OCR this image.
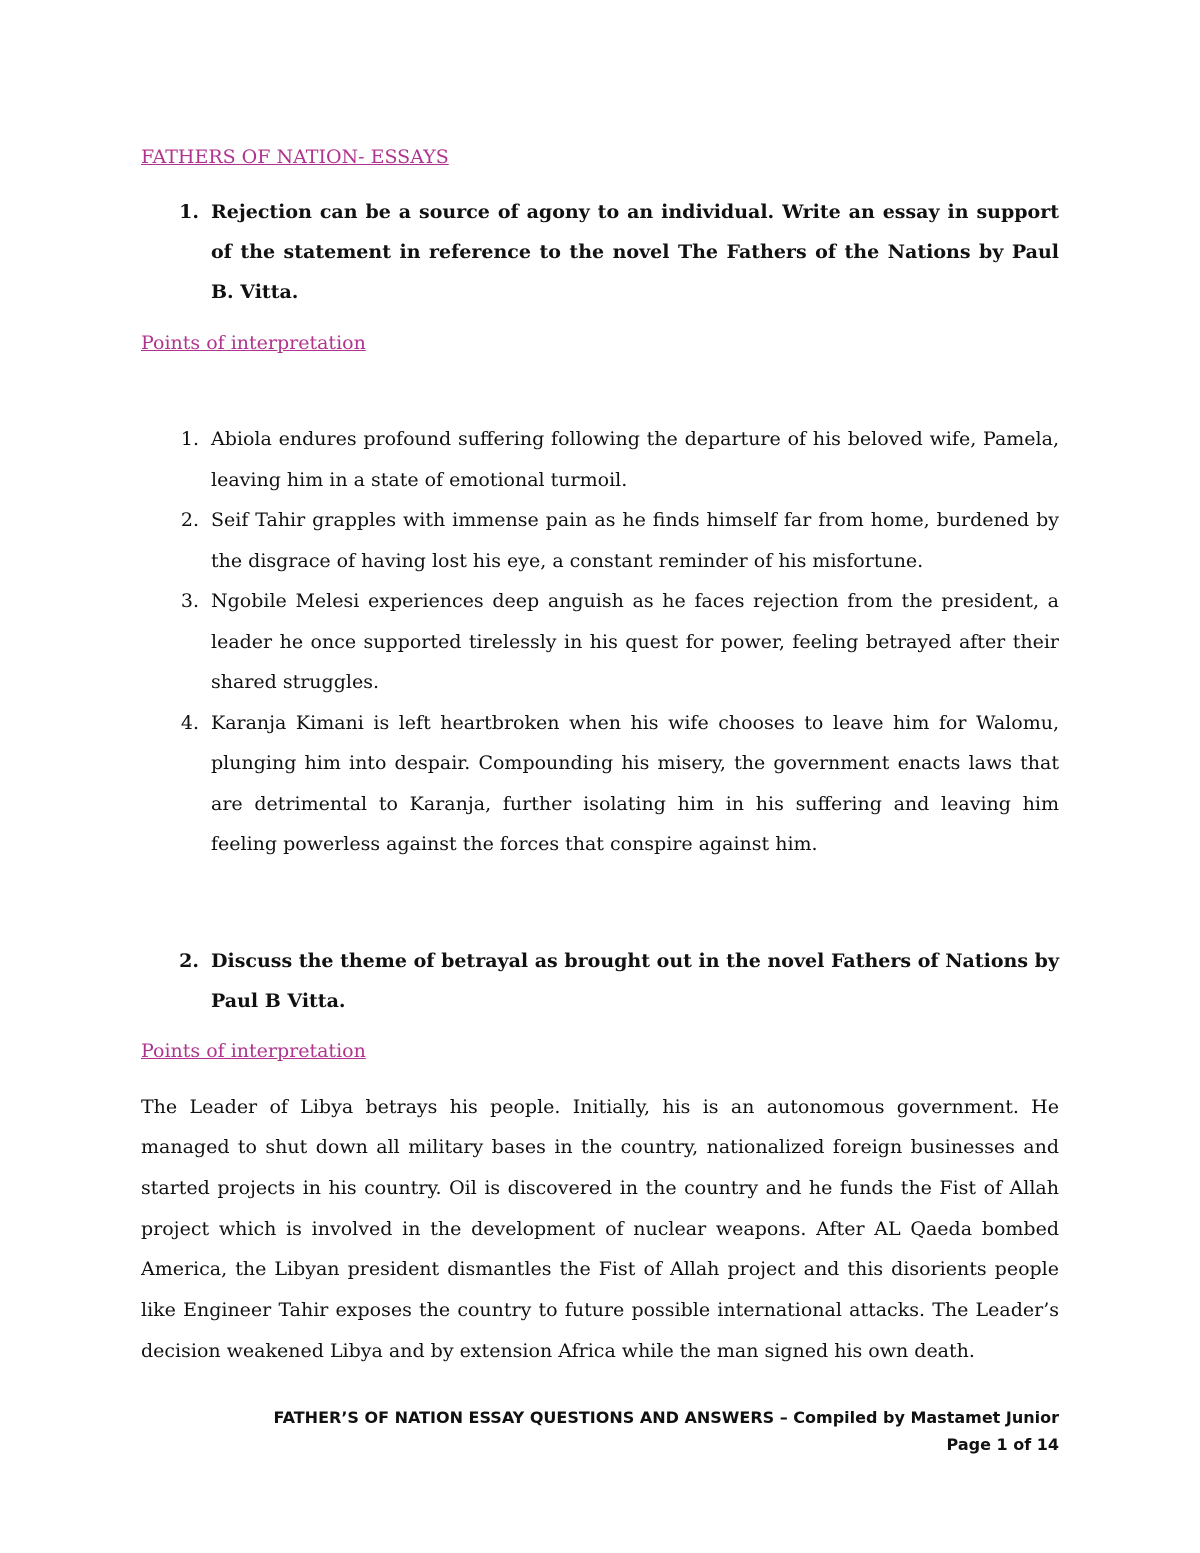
FATHERS OF NATION- ESSAYS
1. Rejection can be a source of agony to an individual. Write an essay in support of the statement in reference to the novel The Fathers of the Nations by Paul B. Vitta.
Points of interpretation
1. Abiola endures profound suffering following the departure of his beloved wife, Pamela, leaving him in a state of emotional turmoil.
2. Seif Tahir grapples with immense pain as he finds himself far from home, burdened by the disgrace of having lost his eye, a constant reminder of his misfortune.
3. Ngobile Melesi experiences deep anguish as he faces rejection from the president, a leader he once supported tirelessly in his quest for power, feeling betrayed after their shared struggles.
4. Karanja Kimani is left heartbroken when his wife chooses to leave him for Walomu, plunging him into despair. Compounding his misery, the government enacts laws that are detrimental to Karanja, further isolating him in his suffering and leaving him feeling powerless against the forces that conspire against him.
2. Discuss the theme of betrayal as brought out in the novel Fathers of Nations by Paul B Vitta.
Points of interpretation

The Leader of Libya betrays his people. Initially, his is an autonomous government. He managed to shut down all military bases in the country, nationalized foreign businesses and started projects in his country. Oil is discovered in the country and he funds the Fist of Allah project which is involved in the development of nuclear weapons. After AL Qaeda bombed America, the Libyan president dismantles the Fist of Allah project and this disorients people like Engineer Tahir exposes the country to future possible international attacks. The Leader’s decision weakened Libya and by extension Africa while the man signed his own death.

FATHER’S OF NATION ESSAY QUESTIONS AND ANSWERS – Compiled by Mastamet Junior
Page 1 of 14
